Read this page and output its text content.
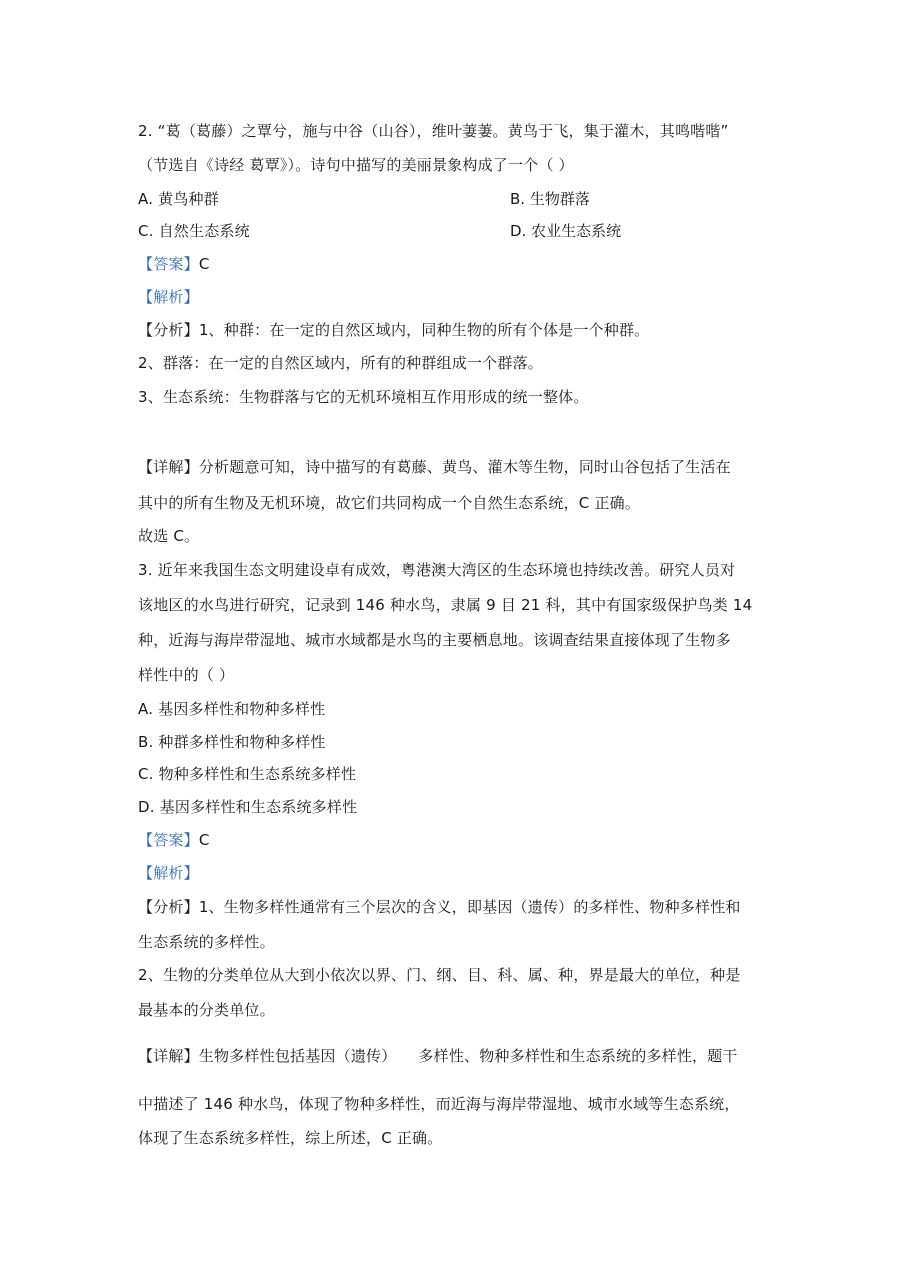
2. “葛（葛藤）之覃兮，施与中谷（山谷），维叶萋萋。黄鸟于飞，集于灌木，其鸣喈喈”
（节选自《诗经 葛覃》）。诗句中描写的美丽景象构成了一个（ ）
A. 黄鸟种群	B. 生物群落
C. 自然生态系统	D. 农业生态系统
【答案】C
【解析】
【分析】1、种群：在一定的自然区域内，同种生物的所有个体是一个种群。
2、群落：在一定的自然区域内，所有的种群组成一个群落。
3、生态系统：生物群落与它的无机环境相互作用形成的统一整体。
【详解】分析题意可知，诗中描写的有葛藤、黄鸟、灌木等生物，同时山谷包括了生活在
其中的所有生物及无机环境，故它们共同构成一个自然生态系统，C 正确。
故选 C。
3. 近年来我国生态文明建设卓有成效，粤港澳大湾区的生态环境也持续改善。研究人员对
该地区的水鸟进行研究，记录到 146 种水鸟，隶属 9 目 21 科，其中有国家级保护鸟类 14
种，近海与海岸带湿地、城市水域都是水鸟的主要栖息地。该调查结果直接体现了生物多
样性中的（ ）
A. 基因多样性和物种多样性
B. 种群多样性和物种多样性
C. 物种多样性和生态系统多样性
D. 基因多样性和生态系统多样性
【答案】C
【解析】
【分析】1、生物多样性通常有三个层次的含义，即基因（遗传）的多样性、物种多样性和
生态系统的多样性。
2、生物的分类单位从大到小依次以界、门、纲、目、科、属、种，界是最大的单位，种是
最基本的分类单位。
【详解】生物多样性包括基因（遗传） 多样性、物种多样性和生态系统的多样性，题干
中描述了 146 种水鸟，体现了物种多样性，而近海与海岸带湿地、城市水域等生态系统，
体现了生态系统多样性，综上所述，C 正确。
